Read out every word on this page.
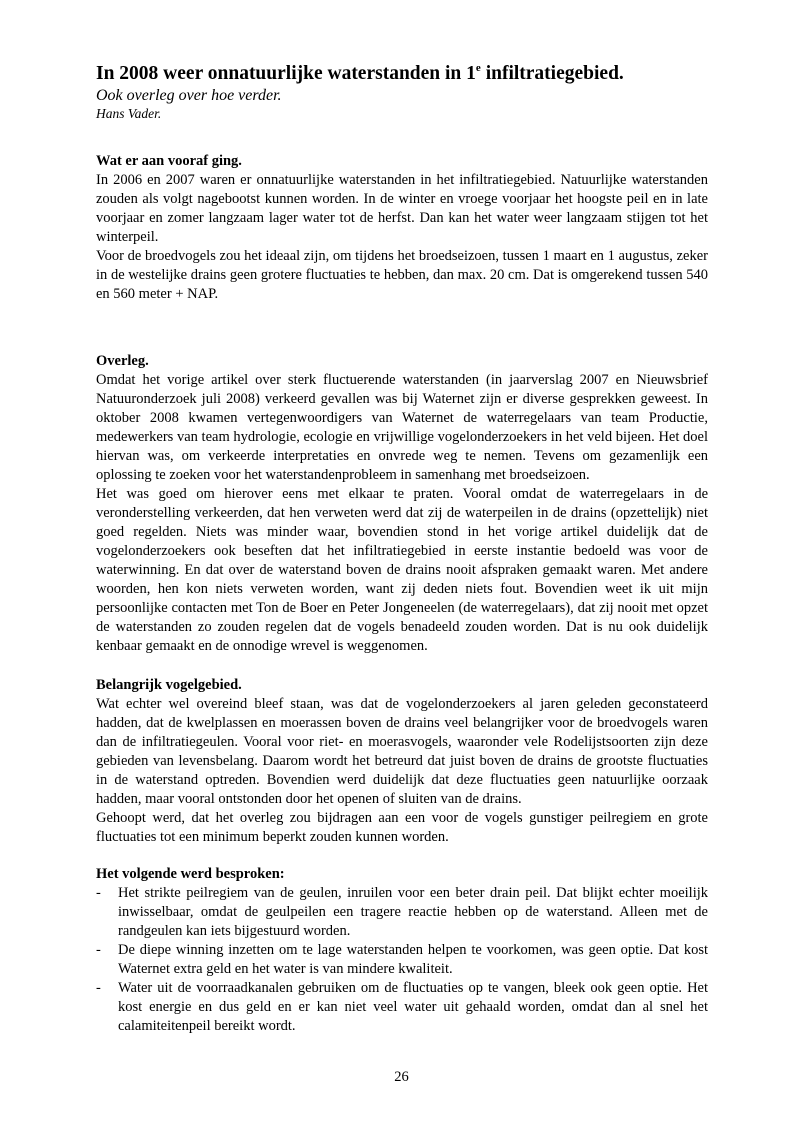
In 2008 weer onnatuurlijke waterstanden in 1e infiltratiegebied.

Ook overleg over hoe verder.

Hans Vader.

Wat er aan vooraf ging.

In 2006 en 2007 waren er onnatuurlijke waterstanden in het infiltratiegebied. Natuurlijke waterstanden zouden als volgt nagebootst kunnen worden. In de winter en vroege voorjaar het hoogste peil en in late voorjaar en zomer langzaam lager water tot de herfst. Dan kan het water weer langzaam stijgen tot het winterpeil.

Voor de broedvogels zou het ideaal zijn, om tijdens het broedseizoen, tussen 1 maart en 1 augustus, zeker in de westelijke drains geen grotere fluctuaties te hebben, dan max. 20 cm. Dat is omgerekend tussen 540 en 560 meter + NAP.

Overleg.

Omdat het vorige artikel over sterk fluctuerende waterstanden (in jaarverslag 2007 en Nieuwsbrief Natuuronderzoek juli 2008) verkeerd gevallen was bij Waternet zijn er diverse gesprekken geweest. In oktober 2008 kwamen vertegenwoordigers van Waternet de waterregelaars van team Productie, medewerkers van team hydrologie, ecologie en vrijwillige vogelonderzoekers in het veld bijeen. Het doel hiervan was, om verkeerde interpretaties en onvrede weg te nemen. Tevens om gezamenlijk een oplossing te zoeken voor het waterstandenprobleem in samenhang met broedseizoen.

Het was goed om hierover eens met elkaar te praten. Vooral omdat de waterregelaars in de veronderstelling verkeerden, dat hen verweten werd dat zij de waterpeilen in de drains (opzettelijk) niet goed regelden. Niets was minder waar, bovendien stond in het vorige artikel duidelijk dat de vogelonderzoekers ook beseften dat het infiltratiegebied in eerste instantie bedoeld was voor de waterwinning. En dat over de waterstand boven de drains nooit afspraken gemaakt waren. Met andere woorden, hen kon niets verweten worden, want zij deden niets fout. Bovendien weet ik uit mijn persoonlijke contacten met Ton de Boer en Peter Jongeneelen (de waterregelaars), dat zij nooit met opzet de waterstanden zo zouden regelen dat de vogels benadeeld zouden worden. Dat is nu ook duidelijk kenbaar gemaakt en de onnodige wrevel is weggenomen.

Belangrijk vogelgebied.

Wat echter wel overeind bleef staan, was dat de vogelonderzoekers al jaren geleden geconstateerd hadden, dat de kwelplassen en moerassen boven de drains veel belangrijker voor de broedvogels waren dan de infiltratiegeulen. Vooral voor riet- en moerasvogels, waaronder vele Rodelijstsoorten zijn deze gebieden van levensbelang. Daarom wordt het betreurd dat juist boven de drains de grootste fluctuaties in de waterstand optreden. Bovendien werd duidelijk dat deze fluctuaties geen natuurlijke oorzaak hadden, maar vooral ontstonden door het openen of sluiten van de drains.

Gehoopt werd, dat het overleg zou bijdragen aan een voor de vogels gunstiger peilregiem en grote fluctuaties tot een minimum beperkt zouden kunnen worden.

Het volgende werd besproken:
- Het strikte peilregiem van de geulen, inruilen voor een beter drain peil. Dat blijkt echter moeilijk inwisselbaar, omdat de geulpeilen een tragere reactie hebben op de waterstand. Alleen met de randgeulen kan iets bijgestuurd worden.
- De diepe winning inzetten om te lage waterstanden helpen te voorkomen, was geen optie. Dat kost Waternet extra geld en het water is van mindere kwaliteit.
- Water uit de voorraadkanalen gebruiken om de fluctuaties op te vangen, bleek ook geen optie. Het kost energie en dus geld en er kan niet veel water uit gehaald worden, omdat dan al snel het calamiteitenpeil bereikt wordt.
26
